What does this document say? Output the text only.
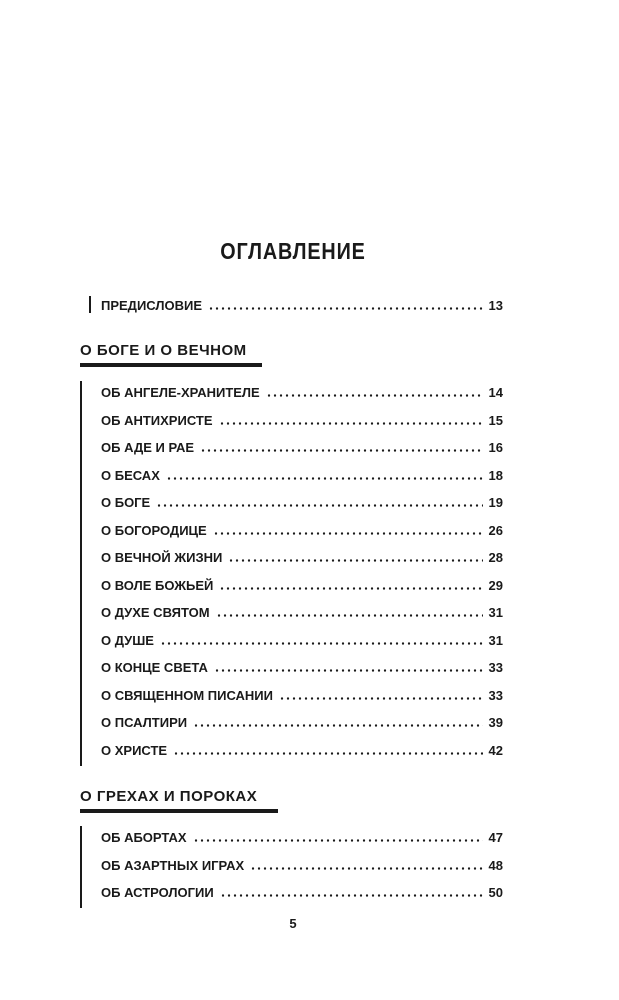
ОГЛАВЛЕНИЕ
ПРЕДИСЛОВИЕ	13
О БОГЕ И О ВЕЧНОМ
ОБ АНГЕЛЕ-ХРАНИТЕЛЕ	14
ОБ АНТИХРИСТЕ	15
ОБ АДЕ И РАЕ	16
О БЕСАХ	18
О БОГЕ	19
О БОГОРОДИЦЕ	26
О ВЕЧНОЙ ЖИЗНИ	28
О ВОЛЕ БОЖЬЕЙ	29
О ДУХЕ СВЯТОМ	31
О ДУШЕ	31
О КОНЦЕ СВЕТА	33
О СВЯЩЕННОМ ПИСАНИИ	33
О ПСАЛТИРИ	39
О ХРИСТЕ	42
О ГРЕХАХ И ПОРОКАХ
ОБ АБОРТАХ	47
ОБ АЗАРТНЫХ ИГРАХ	48
ОБ АСТРОЛОГИИ	50
5
